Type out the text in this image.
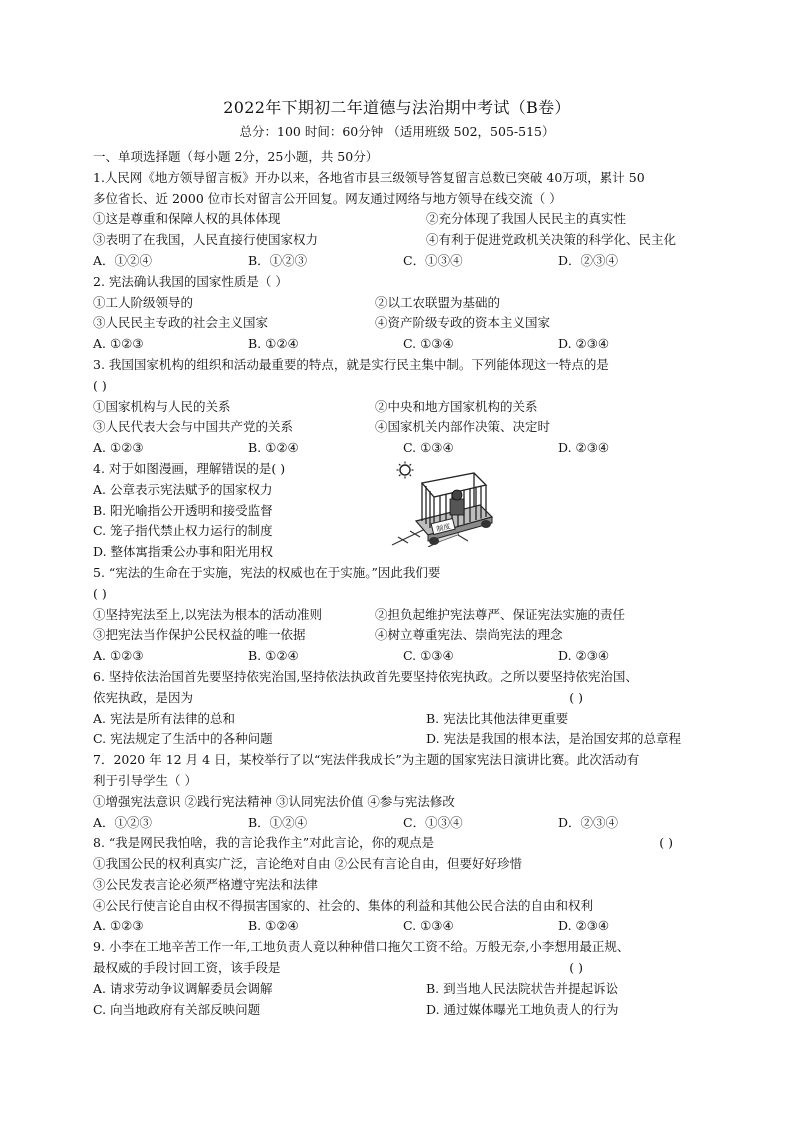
2022年下期初二年道德与法治期中考试（B卷）
总分：100 时间：60分钟 （适用班级 502，505-515）
一、单项选择题（每小题 2分，25小题，共 50分）
1.人民网《地方领导留言板》开办以来，各地省市县三级领导答复留言总数已突破 40万项，累计 50
多位省长、近 2000 位市长对留言公开回复。网友通过网络与地方领导在线交流（ ）
①这是尊重和保障人权的具体体现	②充分体现了我国人民民主的真实性
③表明了在我国，人民直接行使国家权力	④有利于促进党政机关决策的科学化、民主化
A．①②④	B．①②③	C．①③④	D．②③④
2. 宪法确认我国的国家性质是（ ）
①工人阶级领导的	②以工农联盟为基础的
③人民民主专政的社会主义国家	④资产阶级专政的资本主义国家
A. ①②③	B. ①②④	C. ①③④	D. ②③④
3. 我国国家机构的组织和活动最重要的特点，就是实行民主集中制。下列能体现这一特点的是
( )
①国家机构与人民的关系	②中央和地方国家机构的关系
③人民代表大会与中国共产党的关系	④国家机关内部作决策、决定时
A. ①②③	B. ①②④	C. ①③④	D. ②③④
4. 对于如图漫画，理解错误的是( )
A. 公章表示宪法赋予的国家权力
B. 阳光喻指公开透明和接受监督
C. 笼子指代禁止权力运行的制度
D. 整体寓指秉公办事和阳光用权
制度
5. “宪法的生命在于实施，宪法的权威也在于实施。”因此我们要
( )
①坚持宪法至上,以宪法为根本的活动准则	②担负起维护宪法尊严、保证宪法实施的责任
③把宪法当作保护公民权益的唯一依据	④树立尊重宪法、崇尚宪法的理念
A. ①②③	B. ①②④	C. ①③④	D. ②③④
6. 坚持依法治国首先要坚持依宪治国,坚持依法执政首先要坚持依宪执政。之所以要坚持依宪治国、
依宪执政，是因为	( )
A. 宪法是所有法律的总和	B. 宪法比其他法律更重要
C. 宪法规定了生活中的各种问题	D. 宪法是我国的根本法，是治国安邦的总章程
7．2020 年 12 月 4 日，某校举行了以“宪法伴我成长”为主题的国家宪法日演讲比赛。此次活动有
利于引导学生（ ）
①增强宪法意识 ②践行宪法精神 ③认同宪法价值 ④参与宪法修改
A．①②③	B．①②④	C．①③④	D．②③④
8. “我是网民我怕啥，我的言论我作主”对此言论，你的观点是	( )
①我国公民的权利真实广泛，言论绝对自由 ②公民有言论自由，但要好好珍惜
③公民发表言论必须严格遵守宪法和法律
④公民行使言论自由权不得损害国家的、社会的、集体的利益和其他公民合法的自由和权利
A. ①②③	B. ①②④	C. ①③④	D. ②③④
9. 小李在工地辛苦工作一年,工地负责人竟以种种借口拖欠工资不给。万般无奈,小李想用最正规、
最权威的手段讨回工资，该手段是	( )
A. 请求劳动争议调解委员会调解	B. 到当地人民法院状告并提起诉讼
C. 向当地政府有关部反映问题	D. 通过媒体曝光工地负责人的行为
